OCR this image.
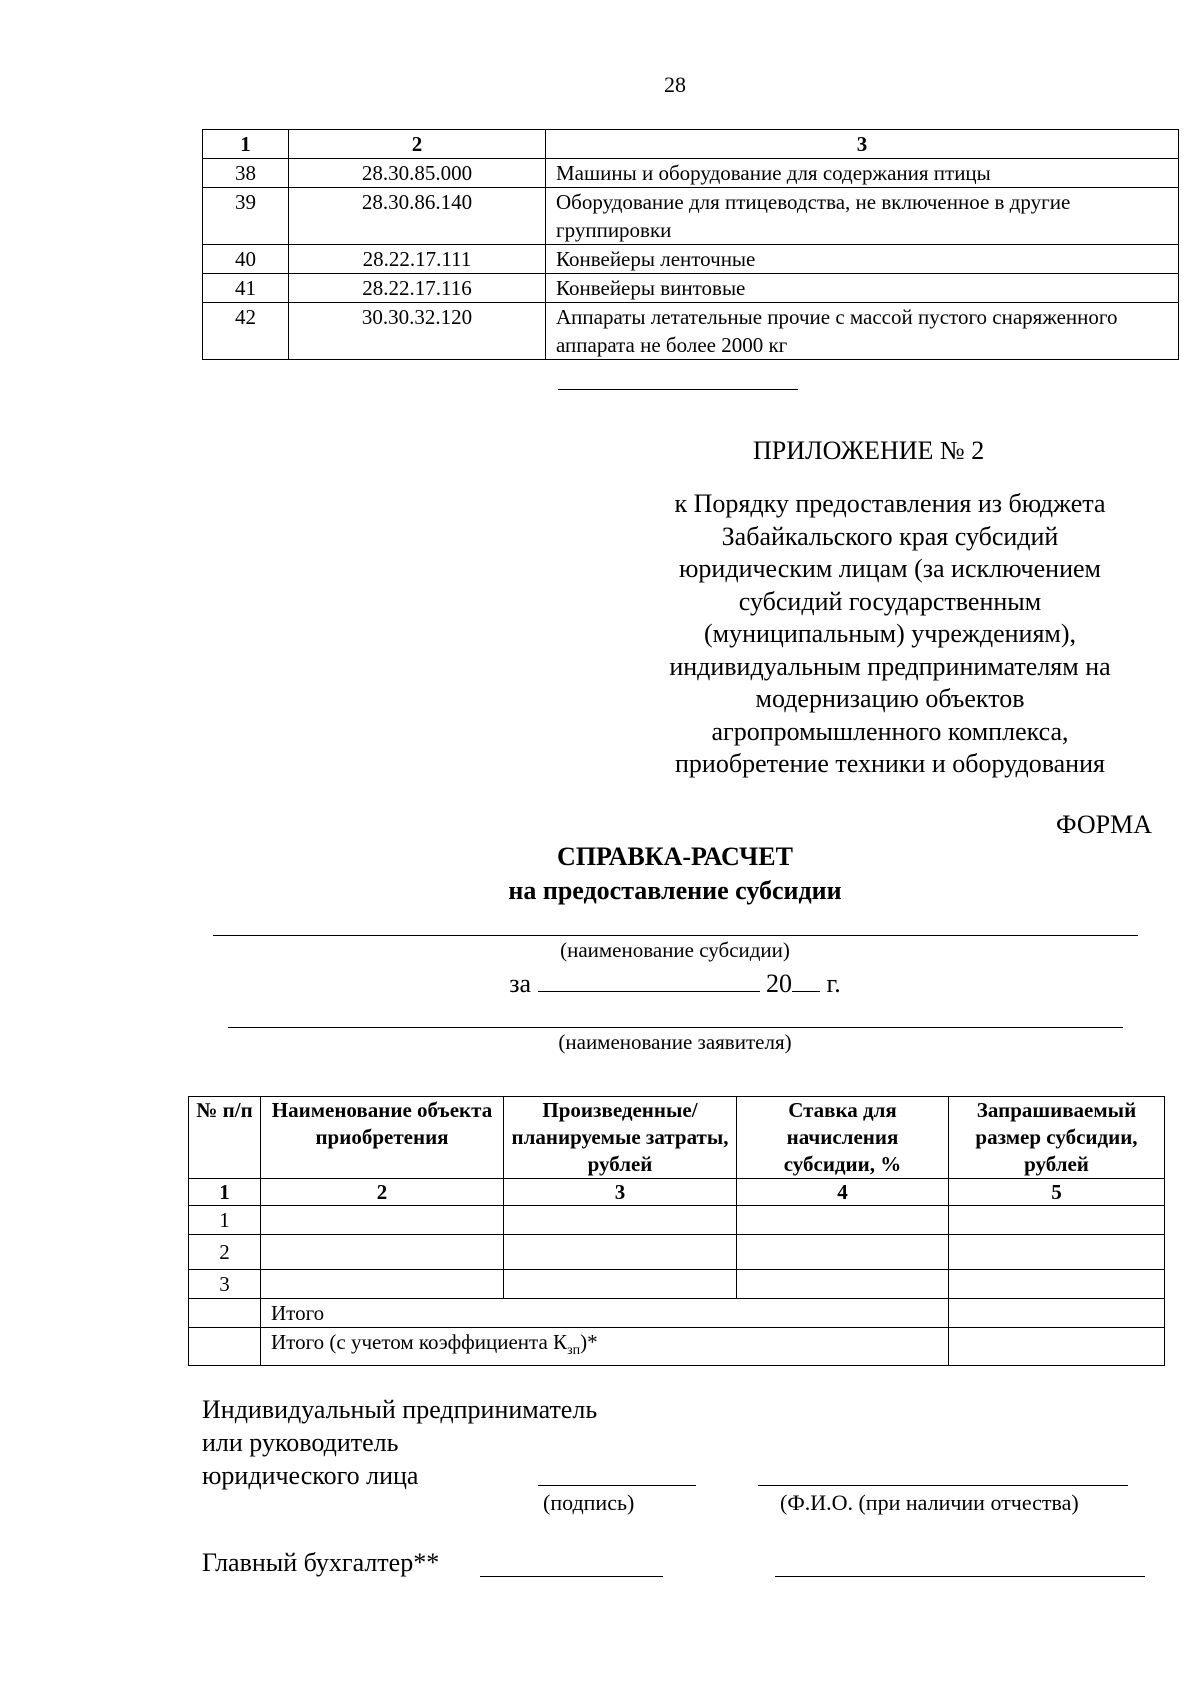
28
1	2	3
38	28.30.85.000	Машины и оборудование для содержания птицы
39	28.30.86.140	Оборудование для птицеводства, не включенное в другие группировки
40	28.22.17.111	Конвейеры ленточные
41	28.22.17.116	Конвейеры винтовые
42	30.30.32.120	Аппараты летательные прочие с массой пустого снаряженного аппарата не более 2000 кг
ПРИЛОЖЕНИЕ № 2
к Порядку предоставления из бюджета
Забайкальского края субсидий
юридическим лицам (за исключением
субсидий государственным
(муниципальным) учреждениям),
индивидуальным предпринимателям на
модернизацию объектов
агропромышленного комплекса,
приобретение техники и оборудования
ФОРМА
СПРАВКА-РАСЧЕТ
на предоставление субсидии
(наименование субсидии)
за	20 г.
(наименование заявителя)
№ п/п	Наименование объекта приобретения	Произведенные/планируемые затраты, рублей	Ставка для начисления субсидии, %	Запрашиваемый размер субсидии, рублей
1	2	3	4	5
1				
2				
3				
	Итого			
	Итого (с учетом коэффициента $К_{зп})*$			
Индивидуальный предприниматель
или руководитель
юридического лица
(подпись)	(Ф.И.О. (при наличии отчества)
Главный бухгалтер**
